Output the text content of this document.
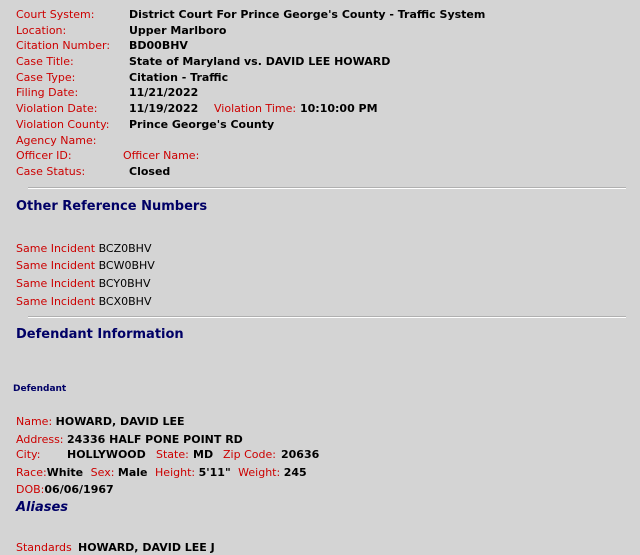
Court System:	District Court For Prince George's County - Traffic System
Location:	Upper Marlboro
Citation Number: BD00BHV
Case Title:	State of Maryland vs. DAVID LEE HOWARD
Case Type:	Citation - Traffic
Filing Date:	11/21/2022
Violation Date:	11/19/2022 Violation Time: 10:10:00 PM
Violation County: Prince George's County
Agency Name:
Officer ID:	Officer Name:
Case Status:	Closed
Other Reference Numbers
Same Incident BCZ0BHV
Same Incident BCW0BHV
Same Incident BCY0BHV
Same Incident BCX0BHV
Defendant Information
Defendant
Name: HOWARD, DAVID LEE
Address: 24336 HALF PONE POINT RD
City: HOLLYWOOD State: MD Zip Code: 20636
Race:White Sex: Male Height: 5'11" Weight: 245
DOB:06/06/1967
Aliases
Standards HOWARD, DAVID LEE J
